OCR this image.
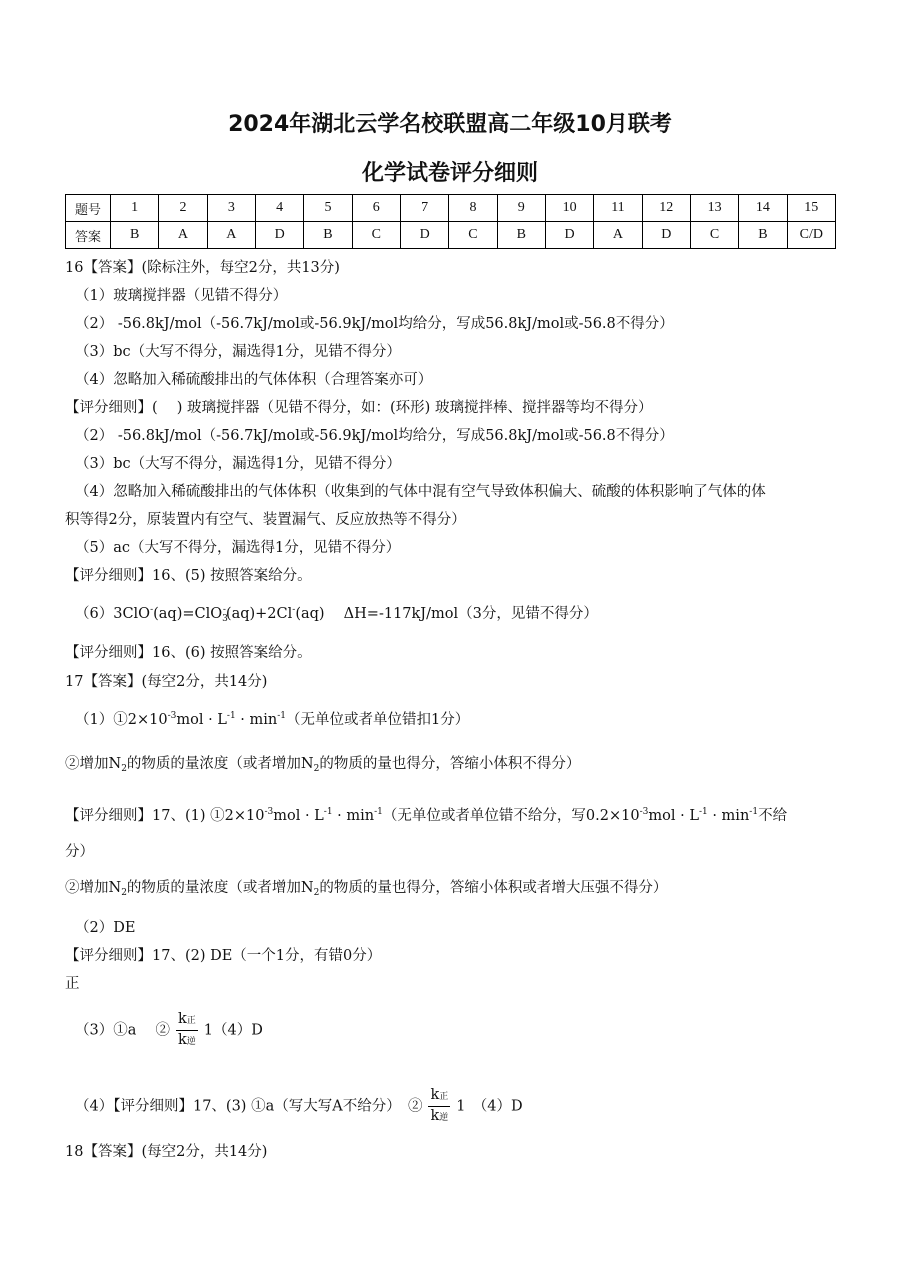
2024年湖北云学名校联盟高二年级10月联考
化学试卷评分细则
题号	1	2	3	4	5	6	7	8	9	10	11	12	13	14	15
答案	B	A	A	D	B	C	D	C	B	D	A	D	C	B	C/D
16【答案】(除标注外，每空2分，共13分)
（1）玻璃搅拌器（见错不得分）
（2） -56.8kJ/mol（-56.7kJ/mol或-56.9kJ/mol均给分，写成56.8kJ/mol或-56.8不得分）
（3）bc（大写不得分，漏选得1分，见错不得分）
（4）忽略加入稀硫酸排出的气体体积（合理答案亦可）
【评分细则】(　 ) 玻璃搅拌器（见错不得分，如：(环形) 玻璃搅拌棒、搅拌器等均不得分）
（2） -56.8kJ/mol（-56.7kJ/mol或-56.9kJ/mol均给分，写成56.8kJ/mol或-56.8不得分）
（3）bc（大写不得分，漏选得1分，见错不得分）
（4）忽略加入稀硫酸排出的气体体积（收集到的气体中混有空气导致体积偏大、硫酸的体积影响了气体的体
积等得2分，原装置内有空气、装置漏气、反应放热等不得分）
（5）ac（大写不得分，漏选得1分，见错不得分）
【评分细则】16、(5) 按照答案给分。
（6）3ClO-(aq)=ClO$_3$-(aq)+2Cl-(aq)　 ΔH=-117kJ/mol（3分，见错不得分）
【评分细则】16、(6) 按照答案给分。
17【答案】(每空2分，共14分)
$(1)①2\times 10^{-3}mol \cdot L^{-1} \cdot \min^{-1}$（无单位或者单位错扣1分）
②增加$N_2$的物质的量浓度（或者增加$N_2$的物质的量也得分，答缩小体积不得分）
【评分细则】17、(1) $①2\times 10^{-3}mol \cdot L^{-1} \cdot \min^{-1}$（无单位或者单位错不给分，写$0.2\times 10^{-3}mol \cdot L^{-1} \cdot \min^{-1}$不给
分）
②增加$N_2$的物质的量浓度（或者增加$N_2$的物质的量也得分，答缩小体积或者增大压强不得分）
（2）DE
【评分细则】17、(2) DE（一个1分，有错0分）
正
（3）①a　 ② $\frac{\text{k正}}{\text{k逆}} 1(4)D$
（4）【评分细则】17、(3) ①a（写大写A不给分）　② $\frac{\text{k正}}{\text{k逆}} 1$　（4）D
18【答案】(每空2分，共14分)
